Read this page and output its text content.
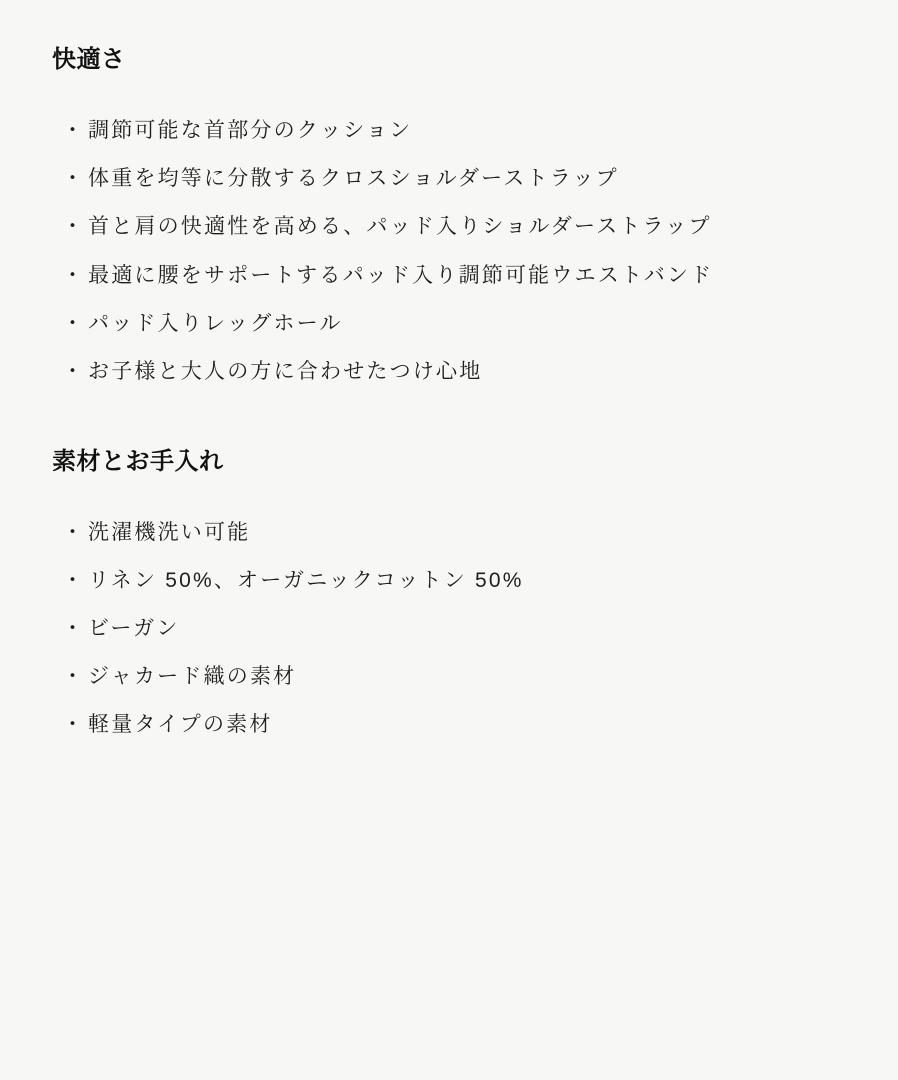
快適さ
・ 調節可能な首部分のクッション
・ 体重を均等に分散するクロスショルダーストラップ
・ 首と肩の快適性を高める、パッド入りショルダーストラップ
・ 最適に腰をサポートするパッド入り調節可能ウエストバンド
・ パッド入りレッグホール
・ お子様と大人の方に合わせたつけ心地
素材とお手入れ
・ 洗濯機洗い可能
・ リネン 50%、オーガニックコットン 50%
・ ビーガン
・ ジャカード織の素材
・ 軽量タイプの素材
